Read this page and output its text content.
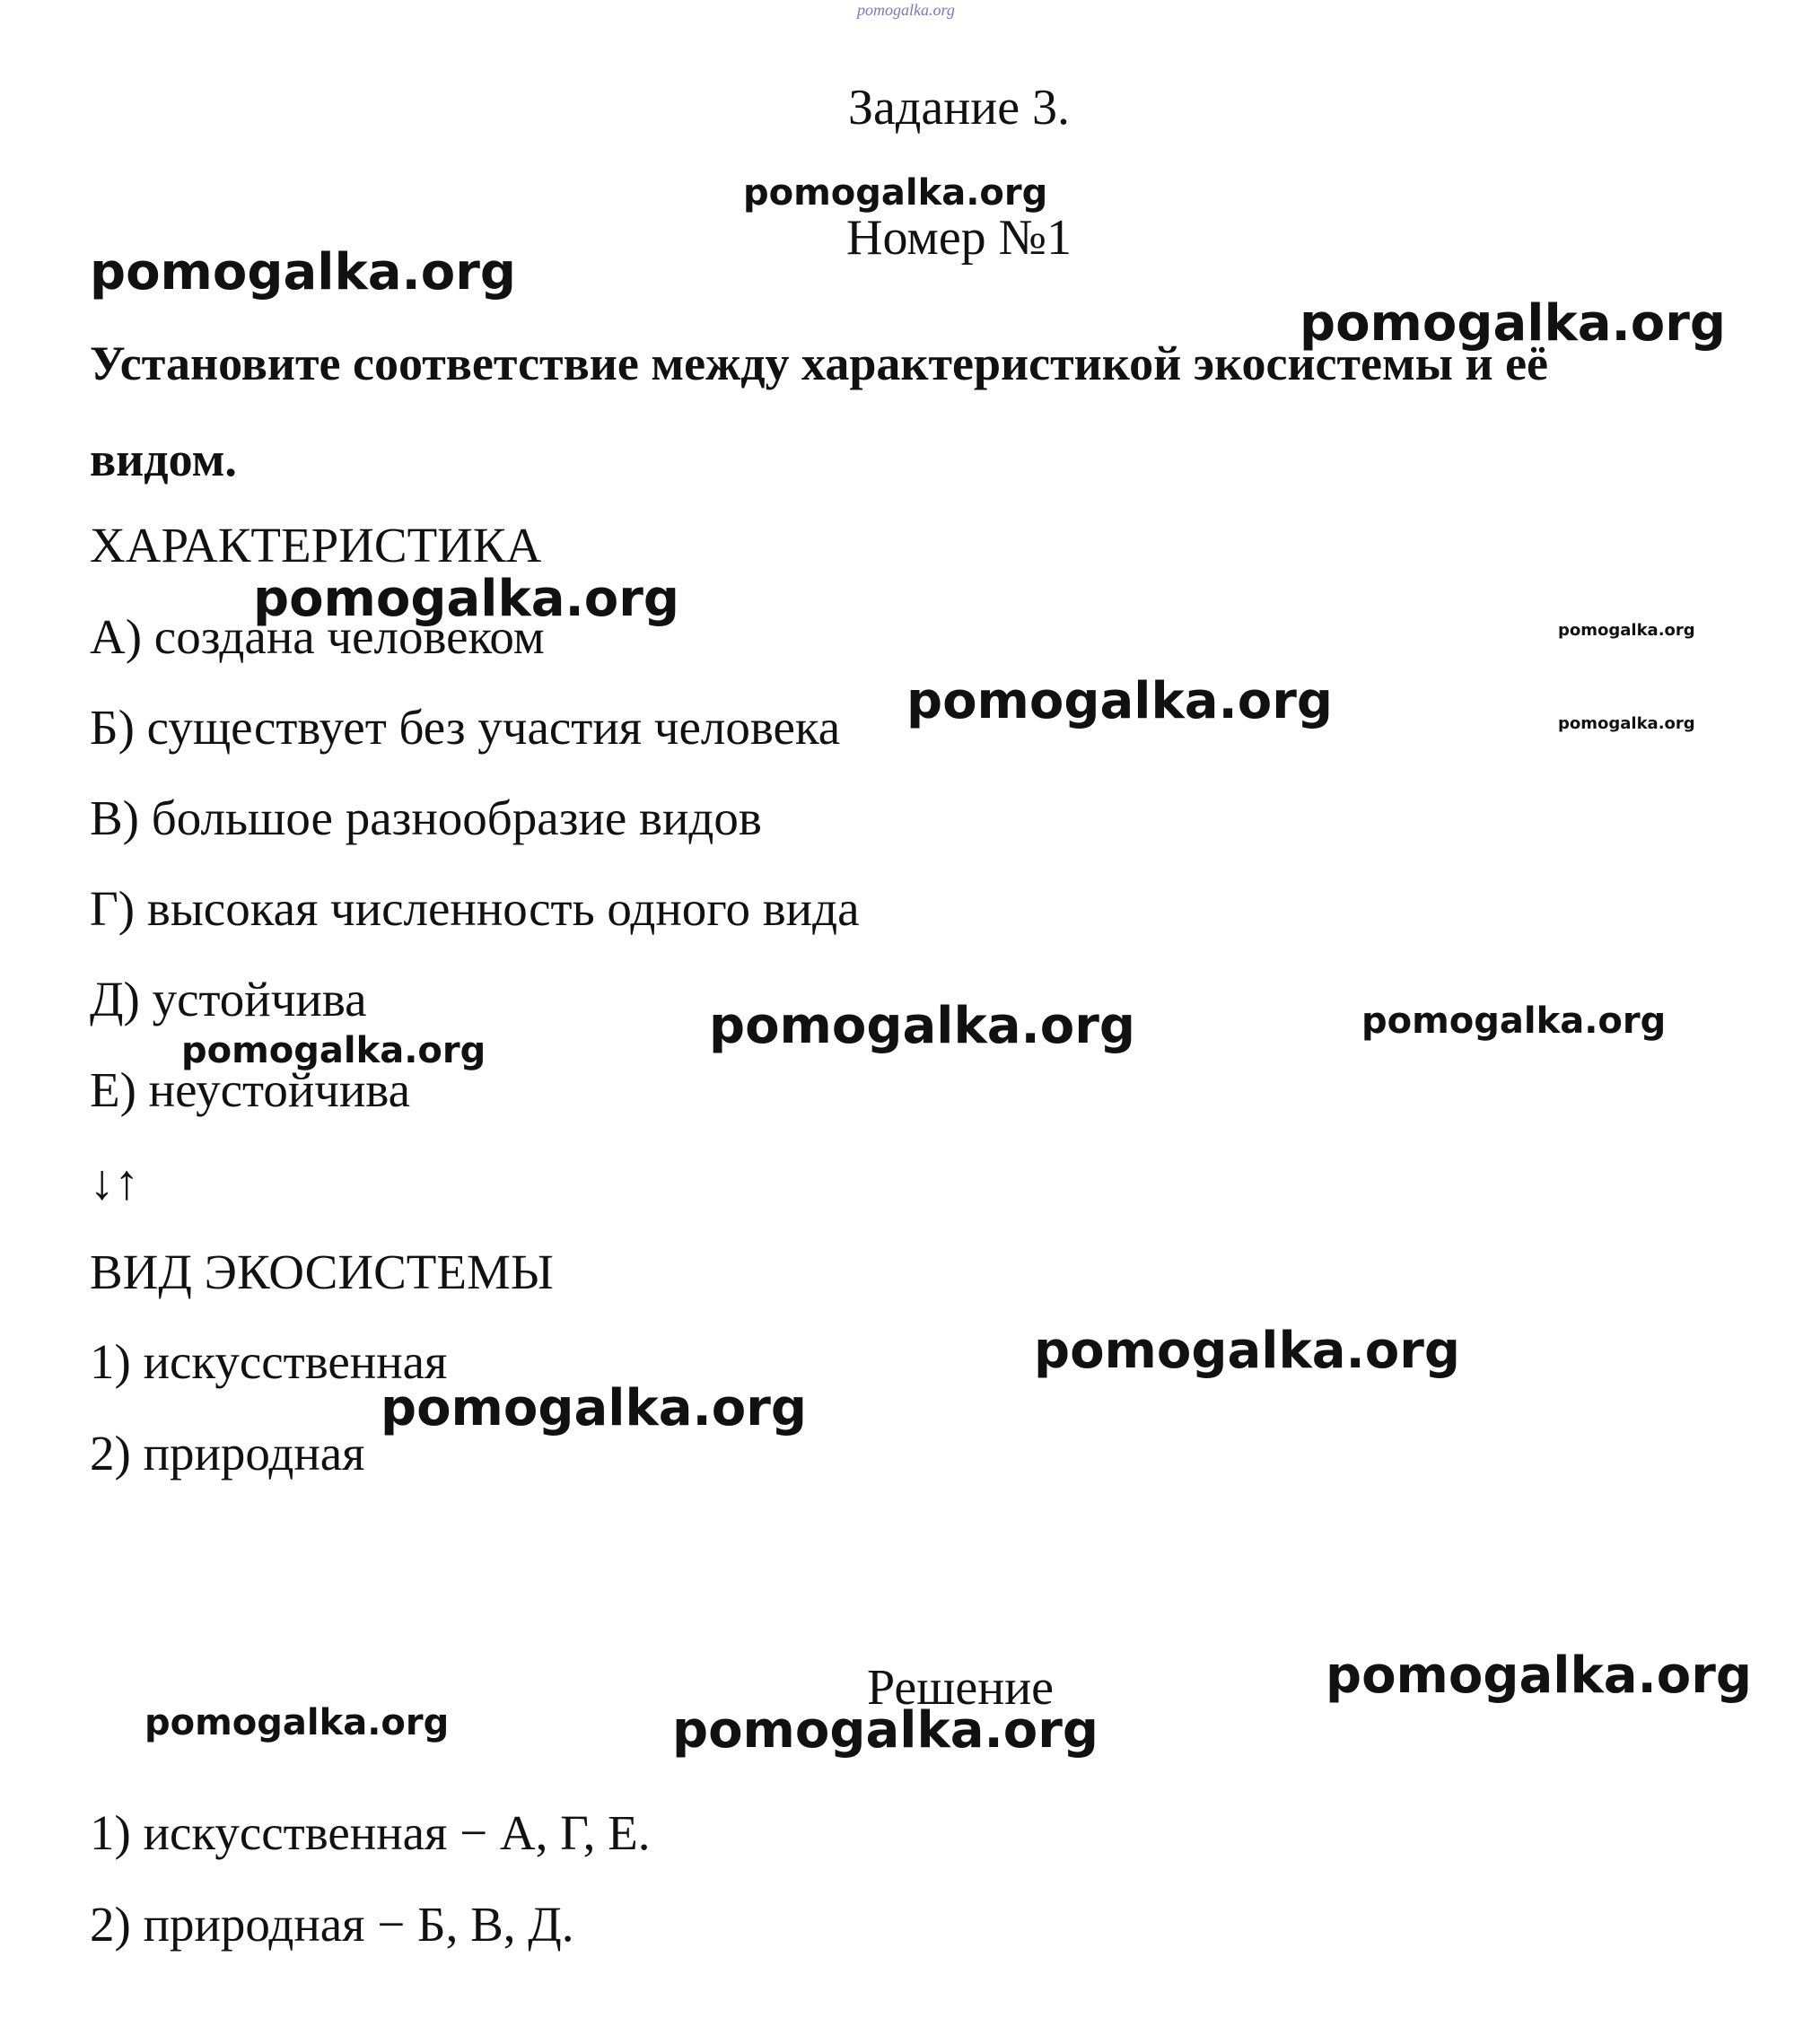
pomogalka.org
Задание 3.
Номер №1
Установите соответствие между характеристикой экосистемы и её
видом.
ХАРАКТЕРИСТИКА
А) создана человеком
Б) существует без участия человека
В) большое разнообразие видов
Г) высокая численность одного вида
Д) устойчива
Е) неустойчива
↓↑
ВИД ЭКОСИСТЕМЫ
1) искусственная
2) природная
Решение
1) искусственная − А, Г, Е.
2) природная − Б, В, Д.
pomogalka.org
pomogalka.org
pomogalka.org
pomogalka.org
pomogalka.org
pomogalka.org	pomogalka.org
pomogalka.org	pomogalka.org
pomogalka.org
pomogalka.org
pomogalka.org
pomogalka.org
pomogalka.org	pomogalka.org
